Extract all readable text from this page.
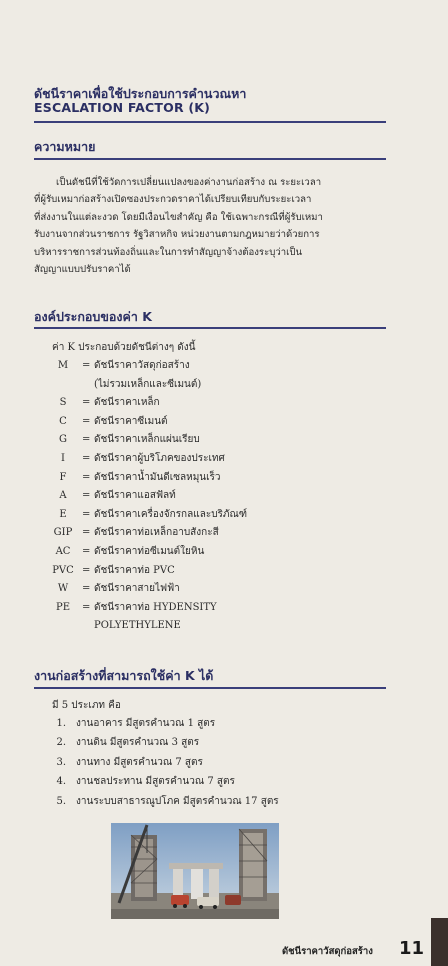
ดัชนีราคาเพื่อใช้ประกอบการคำนวณหา
ESCALATION FACTOR (K)
ความหมาย
เป็นดัชนีที่ใช้วัดการเปลี่ยนแปลงของค่างานก่อสร้าง ณ ระยะเวลา
ที่ผู้รับเหมาก่อสร้างเปิดซองประกวดราคาได้เปรียบเทียบกับระยะเวลา
ที่ส่งงานในแต่ละงวด โดยมีเงื่อนไขสำคัญ คือ ใช้เฉพาะกรณีที่ผู้รับเหมา
รับงานจากส่วนราชการ รัฐวิสาหกิจ หน่วยงานตามกฎหมายว่าด้วยการ
บริหารราชการส่วนท้องถิ่นและในการทำสัญญาจ้างต้องระบุว่าเป็น
สัญญาแบบปรับราคาได้
องค์ประกอบของค่า K
ค่า K ประกอบด้วยดัชนีต่างๆ ดังนี้
M	= ดัชนีราคาวัสดุก่อสร้าง
(ไม่รวมเหล็กและซีเมนต์)
S	= ดัชนีราคาเหล็ก
C	= ดัชนีราคาซีเมนต์
G	= ดัชนีราคาเหล็กแผ่นเรียบ
I	= ดัชนีราคาผู้บริโภคของประเทศ
F	= ดัชนีราคาน้ำมันดีเซลหมุนเร็ว
A	= ดัชนีราคาแอสฟัลท์
E	= ดัชนีราคาเครื่องจักรกลและบริภัณฑ์
GIP = ดัชนีราคาท่อเหล็กอาบสังกะสี
AC	= ดัชนีราคาท่อซีเมนต์ใยหิน
PVC = ดัชนีราคาท่อ PVC
W	= ดัชนีราคาสายไฟฟ้า
PE	= ดัชนีราคาท่อ HYDENSITY
POLYETHYLENE
งานก่อสร้างที่สามารถใช้ค่า K ได้
มี 5 ประเภท คือ
1.	งานอาคาร มีสูตรคำนวณ 1 สูตร
2.	งานดิน มีสูตรคำนวณ 3 สูตร
3.	งานทาง มีสูตรคำนวณ 7 สูตร
4.	งานชลประทาน มีสูตรคำนวณ 7 สูตร
5.	งานระบบสาธารณูปโภค มีสูตรคำนวณ 17 สูตร
ดัชนีราคาวัสดุก่อสร้าง 11
